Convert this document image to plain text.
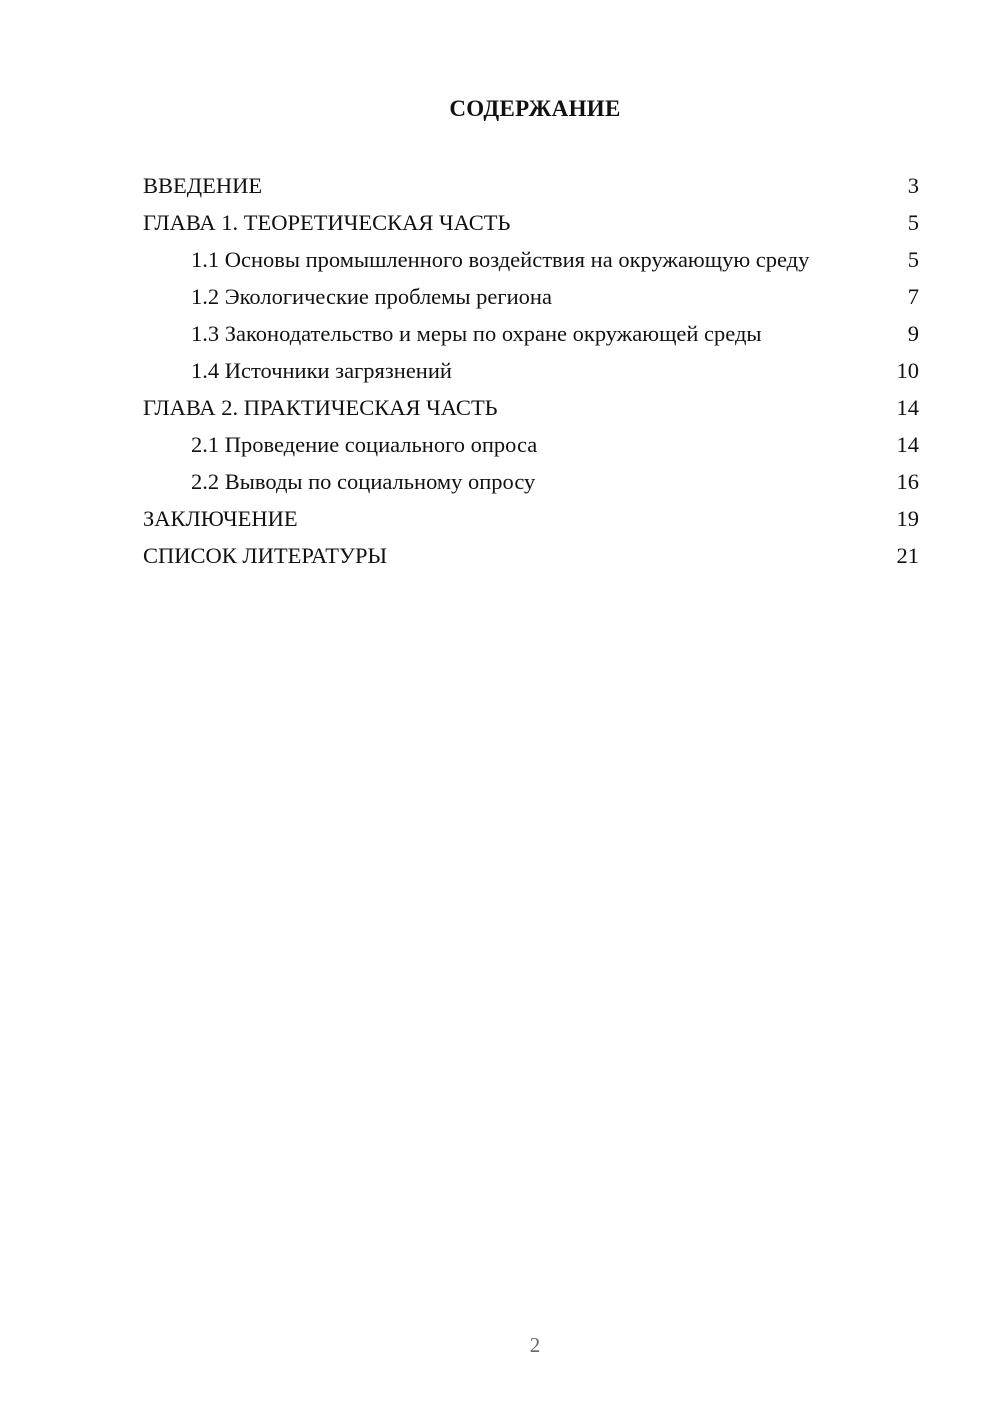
СОДЕРЖАНИЕ
ВВЕДЕНИЕ	3
ГЛАВА 1. ТЕОРЕТИЧЕСКАЯ ЧАСТЬ	5
1.1 Основы промышленного воздействия на окружающую среду	5
1.2 Экологические проблемы региона	7
1.3 Законодательство и меры по охране окружающей среды	9
1.4 Источники загрязнений	10
ГЛАВА 2. ПРАКТИЧЕСКАЯ ЧАСТЬ	14
2.1 Проведение социального опроса	14
2.2 Выводы по социальному опросу	16
ЗАКЛЮЧЕНИЕ	19
СПИСОК ЛИТЕРАТУРЫ	21
2
